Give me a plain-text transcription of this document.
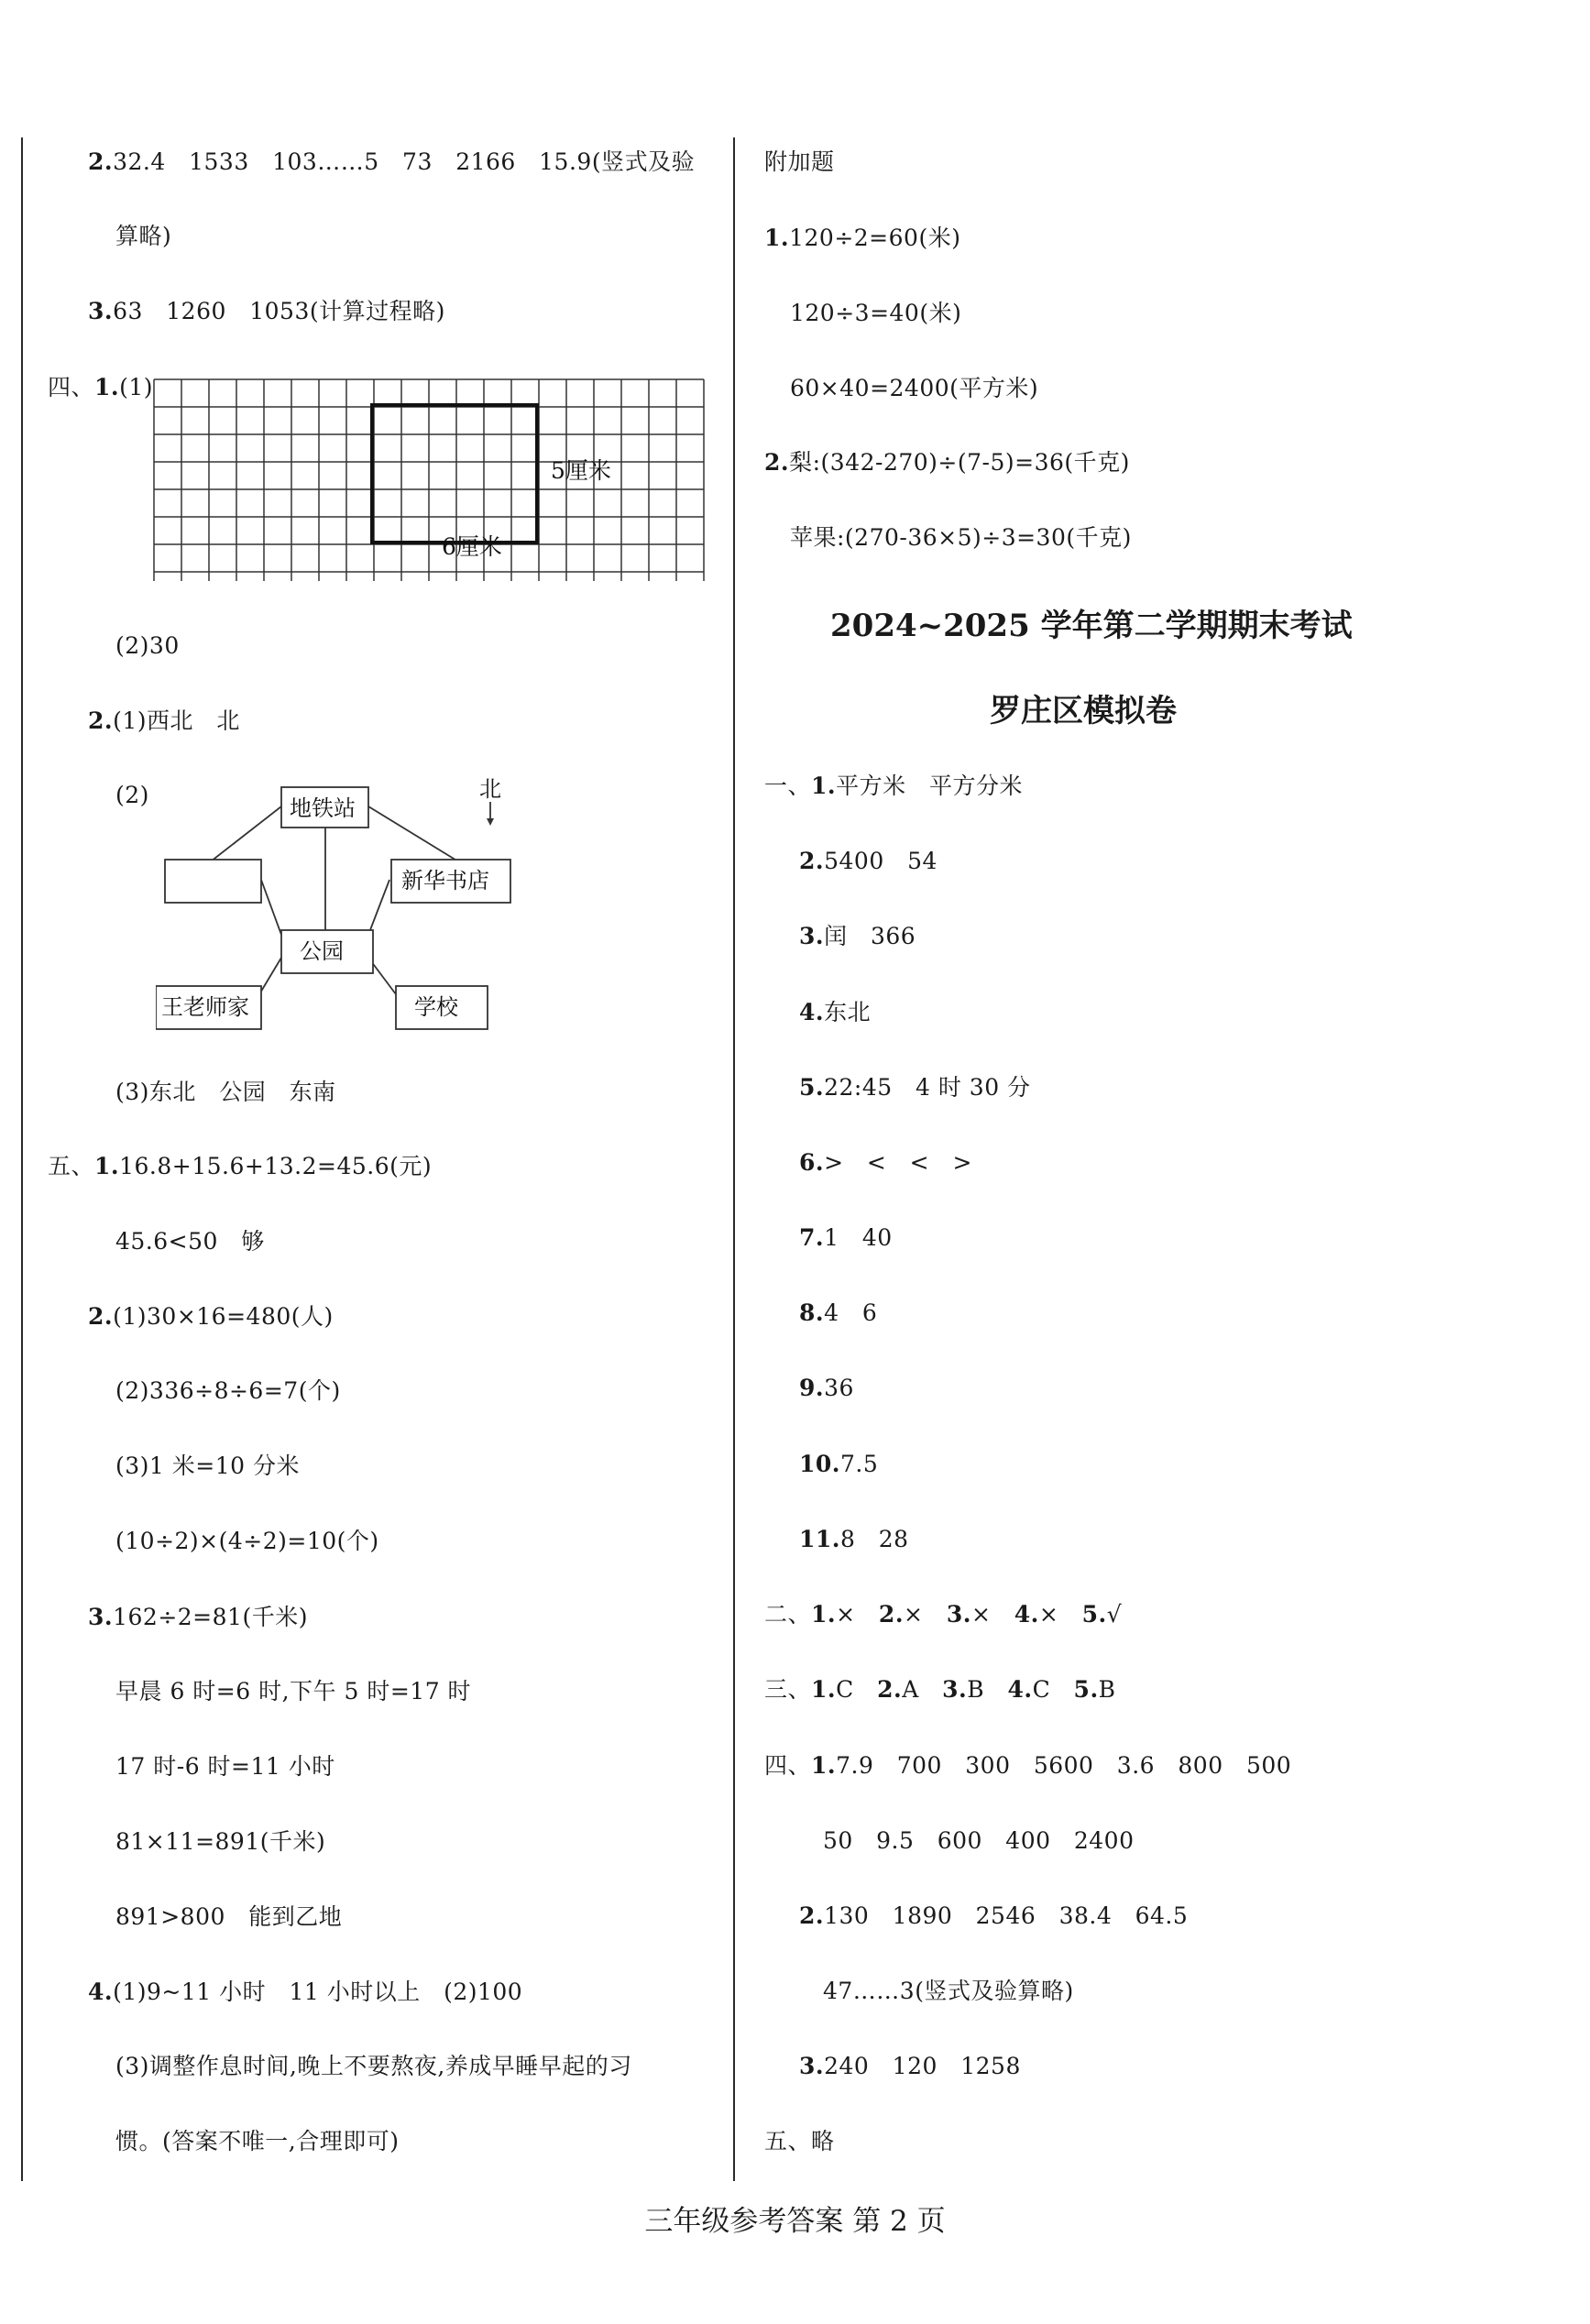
2.32.4   1533   103……5   73   2166   15.9(竖式及验
算略)
3.63   1260   1053(计算过程略)
四、1.(1)
5厘米
6厘米
(2)30
2.(1)西北   北
(2)	北
地铁站
新华书店
公园
王老师家	学校
(3)东北   公园   东南
五、1.16.8+15.6+13.2=45.6(元)
45.6<50   够
2.(1)30×16=480(人)
(2)336÷8÷6=7(个)
(3)1 米=10 分米
(10÷2)×(4÷2)=10(个)
3.162÷2=81(千米)
早晨 6 时=6 时,下午 5 时=17 时
17 时-6 时=11 小时
81×11=891(千米)
891>800   能到乙地
4.(1)9~11 小时   11 小时以上   (2)100
(3)调整作息时间,晚上不要熬夜,养成早睡早起的习
惯。(答案不唯一,合理即可)
附加题
1.120÷2=60(米)
120÷3=40(米)
60×40=2400(平方米)
2.梨:(342-270)÷(7-5)=36(千克)
苹果:(270-36×5)÷3=30(千克)
2024~2025 学年第二学期期末考试
罗庄区模拟卷
一、1.平方米   平方分米
2.5400   54
3.闰   366
4.东北
5.22:45   4 时 30 分
6.>   <   <   >
7.1   40
8.4   6
9.36
10.7.5
11.8   28
二、1.× 2.× 3.× 4.× 5.√
三、1.C 2.A 3.B 4.C 5.B
四、1.7.9   700   300   5600   3.6   800   500
50   9.5   600   400   2400
2.130   1890   2546   38.4   64.5
47……3(竖式及验算略)
3.240   120   1258
五、略
三年级参考答案 第 2 页
